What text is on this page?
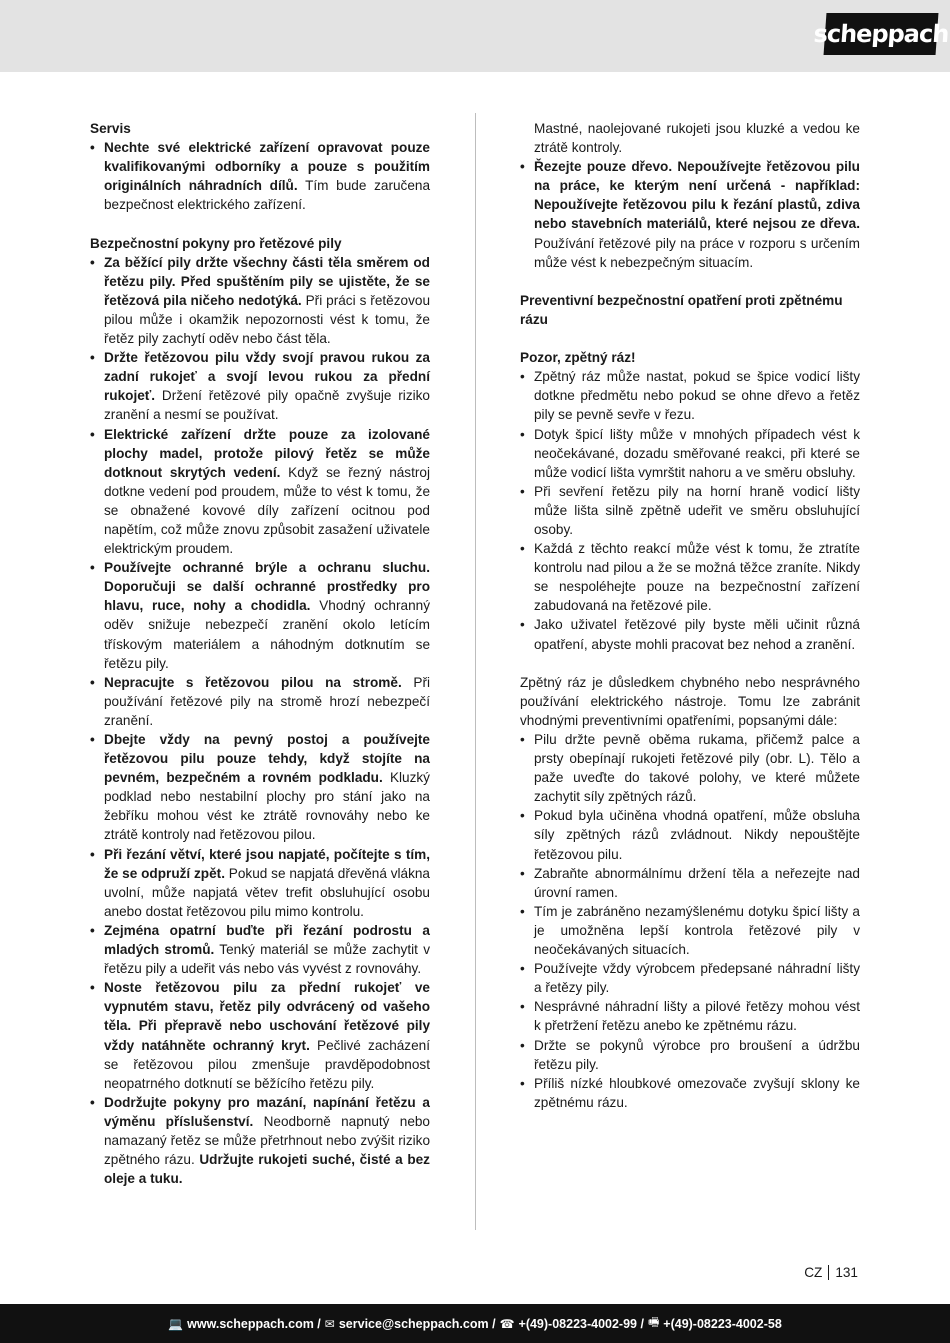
scheppach

Servis

• Nechte své elektrické zařízení opravovat pouze kvalifikovanými odborníky a pouze s použitím originálních náhradních dílů. Tím bude zaručena bezpečnost elektrického zařízení.

Bezpečnostní pokyny pro řetězové pily

• Za běžící pily držte všechny části těla směrem od řetězu pily. Před spuštěním pily se ujistěte, že se řetězová pila ničeho nedotýká. Při práci s řetězovou pilou může i okamžik nepozornosti vést k tomu, že řetěz pily zachytí oděv nebo část těla.
• Držte řetězovou pilu vždy svojí pravou rukou za zadní rukojeť a svojí levou rukou za přední rukojeť. Držení řetězové pily opačně zvyšuje riziko zranění a nesmí se používat.
• Elektrické zařízení držte pouze za izolované plochy madel, protože pilový řetěz se může dotknout skrytých vedení. Když se řezný nástroj dotkne vedení pod proudem, může to vést k tomu, že se obnažené kovové díly zařízení ocitnou pod napětím, což může znovu způsobit zasažení uživatele elektrickým proudem.
• Používejte ochranné brýle a ochranu sluchu. Doporučuji se další ochranné prostředky pro hlavu, ruce, nohy a chodidla. Vhodný ochranný oděv snižuje nebezpečí zranění okolo letícím třískovým materiálem a náhodným dotknutím se řetězu pily.
• Nepracujte s řetězovou pilou na stromě. Při používání řetězové pily na stromě hrozí nebezpečí zranění.
• Dbejte vždy na pevný postoj a používejte řetězovou pilu pouze tehdy, když stojíte na pevném, bezpečném a rovném podkladu. Kluzký podklad nebo nestabilní plochy pro stání jako na žebříku mohou vést ke ztrátě rovnováhy nebo ke ztrátě kontroly nad řetězovou pilou.
• Při řezání větví, které jsou napjaté, počítejte s tím, že se odpruží zpět. Pokud se napjatá dřevěná vlákna uvolní, může napjatá větev trefit obsluhující osobu anebo dostat řetězovou pilu mimo kontrolu.
• Zejména opatrní buďte při řezání podrostu a mladých stromů. Tenký materiál se může zachytit v řetězu pily a udeřit vás nebo vás vyvést z rovnováhy.
• Noste řetězovou pilu za přední rukojeť ve vypnutém stavu, řetěz pily odvrácený od vašeho těla. Při přepravě nebo uschování řetězové pily vždy natáhněte ochranný kryt. Pečlivé zacházení se řetězovou pilou zmenšuje pravděpodobnost neopatrného dotknutí se běžícího řetězu pily.
• Dodržujte pokyny pro mazání, napínání řetězu a výměnu příslušenství. Neodborně napnutý nebo namazaný řetěz se může přetrhnout nebo zvýšit riziko zpětného rázu. Udržujte rukojeti suché, čisté a bez oleje a tuku.

Mastné, naolejované rukojeti jsou kluzké a vedou ke ztrátě kontroly.

• Řezejte pouze dřevo. Nepoužívejte řetězovou pilu na práce, ke kterým není určená - například: Nepoužívejte řetězovou pilu k řezání plastů, zdiva nebo stavebních materiálů, které nejsou ze dřeva. Používání řetězové pily na práce v rozporu s určením může vést k nebezpečným situacím.

Preventivní bezpečnostní opatření proti zpětnému rázu

Pozor, zpětný ráz!

• Zpětný ráz může nastat, pokud se špice vodicí lišty dotkne předmětu nebo pokud se ohne dřevo a řetěz pily se pevně sevře v řezu.
• Dotyk špicí lišty může v mnohých případech vést k neočekávané, dozadu směřované reakci, při které se může vodicí lišta vymrštit nahoru a ve směru obsluhy.
• Při sevření řetězu pily na horní hraně vodicí lišty může lišta silně zpětně udeřit ve směru obsluhující osoby.
• Každá z těchto reakcí může vést k tomu, že ztratíte kontrolu nad pilou a že se možná těžce zraníte. Nikdy se nespoléhejte pouze na bezpečnostní zařízení zabudovaná na řetězové pile.
• Jako uživatel řetězové pily byste měli učinit různá opatření, abyste mohli pracovat bez nehod a zranění.

Zpětný ráz je důsledkem chybného nebo nesprávného používání elektrického nástroje. Tomu lze zabránit vhodnými preventivními opatřeními, popsanými dále:

• Pilu držte pevně oběma rukama, přičemž palce a prsty obepínají rukojeti řetězové pily (obr. L). Tělo a paže uveďte do takové polohy, ve které můžete zachytit síly zpětných rázů.
• Pokud byla učiněna vhodná opatření, může obsluha síly zpětných rázů zvládnout. Nikdy nepouštějte řetězovou pilu.
• Zabraňte abnormálnímu držení těla a neřezejte nad úrovní ramen.
• Tím je zabráněno nezamýšlenému dotyku špicí lišty a je umožněna lepší kontrola řetězové pily v neočekávaných situacích.
• Používejte vždy výrobcem předepsané náhradní lišty a řetězy pily.
• Nesprávné náhradní lišty a pilové řetězy mohou vést k přetržení řetězu anebo ke zpětnému rázu.
• Držte se pokynů výrobce pro broušení a údržbu řetězu pily.
• Příliš nízké hloubkové omezovače zvyšují sklony ke zpětnému rázu.
CZ 131
💻 www.scheppach.com / ✉ service@scheppach.com / ☎ +(49)-08223-4002-99 / 🖷 +(49)-08223-4002-58
